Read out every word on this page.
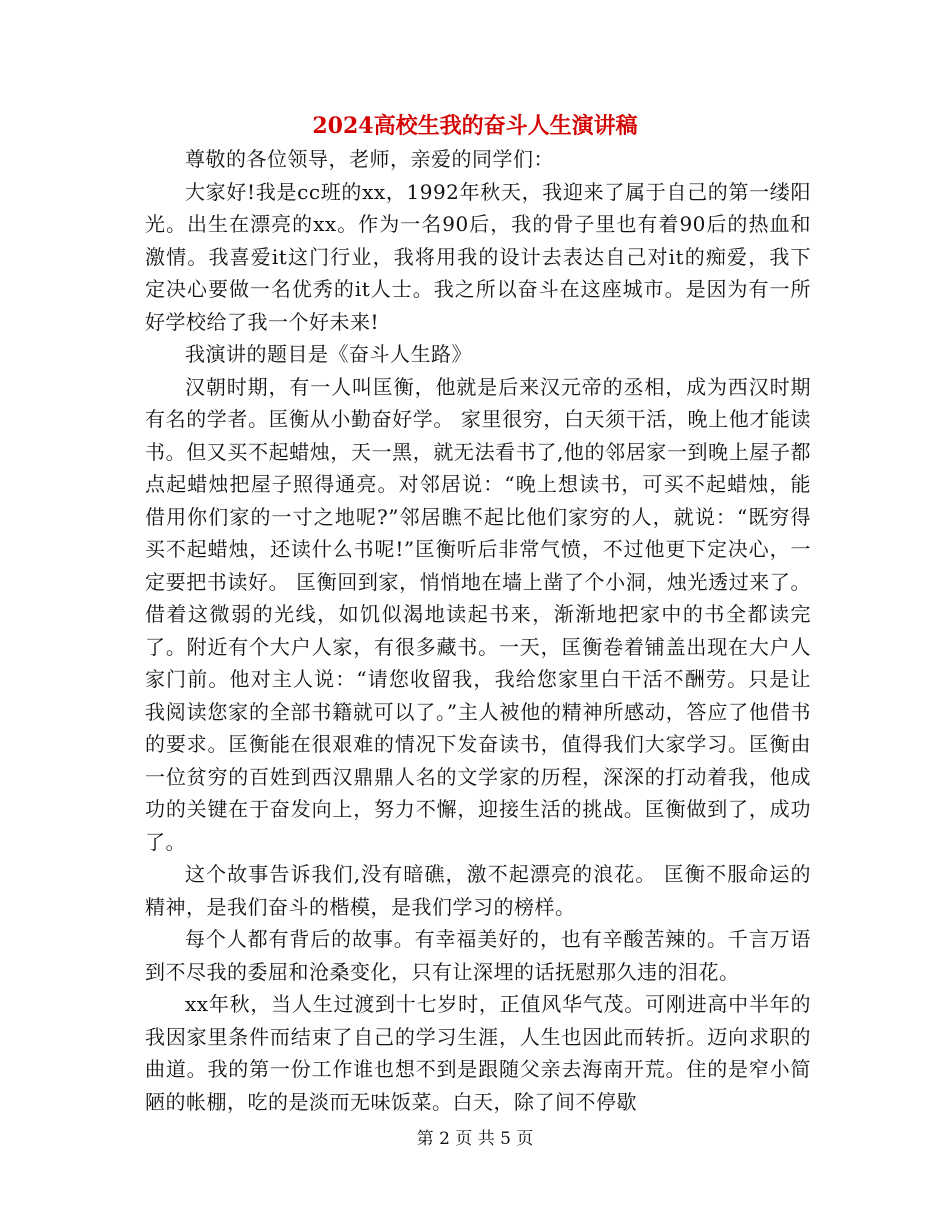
2024高校生我的奋斗人生演讲稿

尊敬的各位领导，老师，亲爱的同学们：

大家好!我是cc班的xx，1992年秋天，我迎来了属于自己的第一缕阳光。出生在漂亮的xx。作为一名90后，我的骨子里也有着90后的热血和激情。我喜爱it这门行业，我将用我的设计去表达自己对it的痴爱，我下定决心要做一名优秀的it人士。我之所以奋斗在这座城市。是因为有一所好学校给了我一个好未来!

我演讲的题目是《奋斗人生路》

汉朝时期，有一人叫匡衡，他就是后来汉元帝的丞相，成为西汉时期有名的学者。匡衡从小勤奋好学。 家里很穷，白天须干活，晚上他才能读书。但又买不起蜡烛，天一黑，就无法看书了,他的邻居家一到晚上屋子都点起蜡烛把屋子照得通亮。对邻居说：“晚上想读书，可买不起蜡烛，能借用你们家的一寸之地呢?”邻居瞧不起比他们家穷的人，就说：“既穷得买不起蜡烛，还读什么书呢!”匡衡听后非常气愤，不过他更下定决心，一定要把书读好。 匡衡回到家，悄悄地在墙上凿了个小洞，烛光透过来了。借着这微弱的光线，如饥似渴地读起书来，渐渐地把家中的书全都读完了。附近有个大户人家，有很多藏书。一天，匡衡卷着铺盖出现在大户人家门前。他对主人说：“请您收留我，我给您家里白干活不酬劳。只是让我阅读您家的全部书籍就可以了。”主人被他的精神所感动，答应了他借书的要求。匡衡能在很艰难的情况下发奋读书，值得我们大家学习。匡衡由一位贫穷的百姓到西汉鼎鼎人名的文学家的历程，深深的打动着我，他成功的关键在于奋发向上，努力不懈，迎接生活的挑战。匡衡做到了，成功了。

这个故事告诉我们,没有暗礁，激不起漂亮的浪花。 匡衡不服命运的精神，是我们奋斗的楷模，是我们学习的榜样。

每个人都有背后的故事。有幸福美好的，也有辛酸苦辣的。千言万语到不尽我的委屈和沧桑变化，只有让深埋的话抚慰那久违的泪花。

xx年秋，当人生过渡到十七岁时，正值风华气茂。可刚进高中半年的我因家里条件而结束了自己的学习生涯，人生也因此而转折。迈向求职的曲道。我的第一份工作谁也想不到是跟随父亲去海南开荒。住的是窄小简陋的帐棚，吃的是淡而无味饭菜。白天，除了间不停歇

第 2 页 共 5 页
